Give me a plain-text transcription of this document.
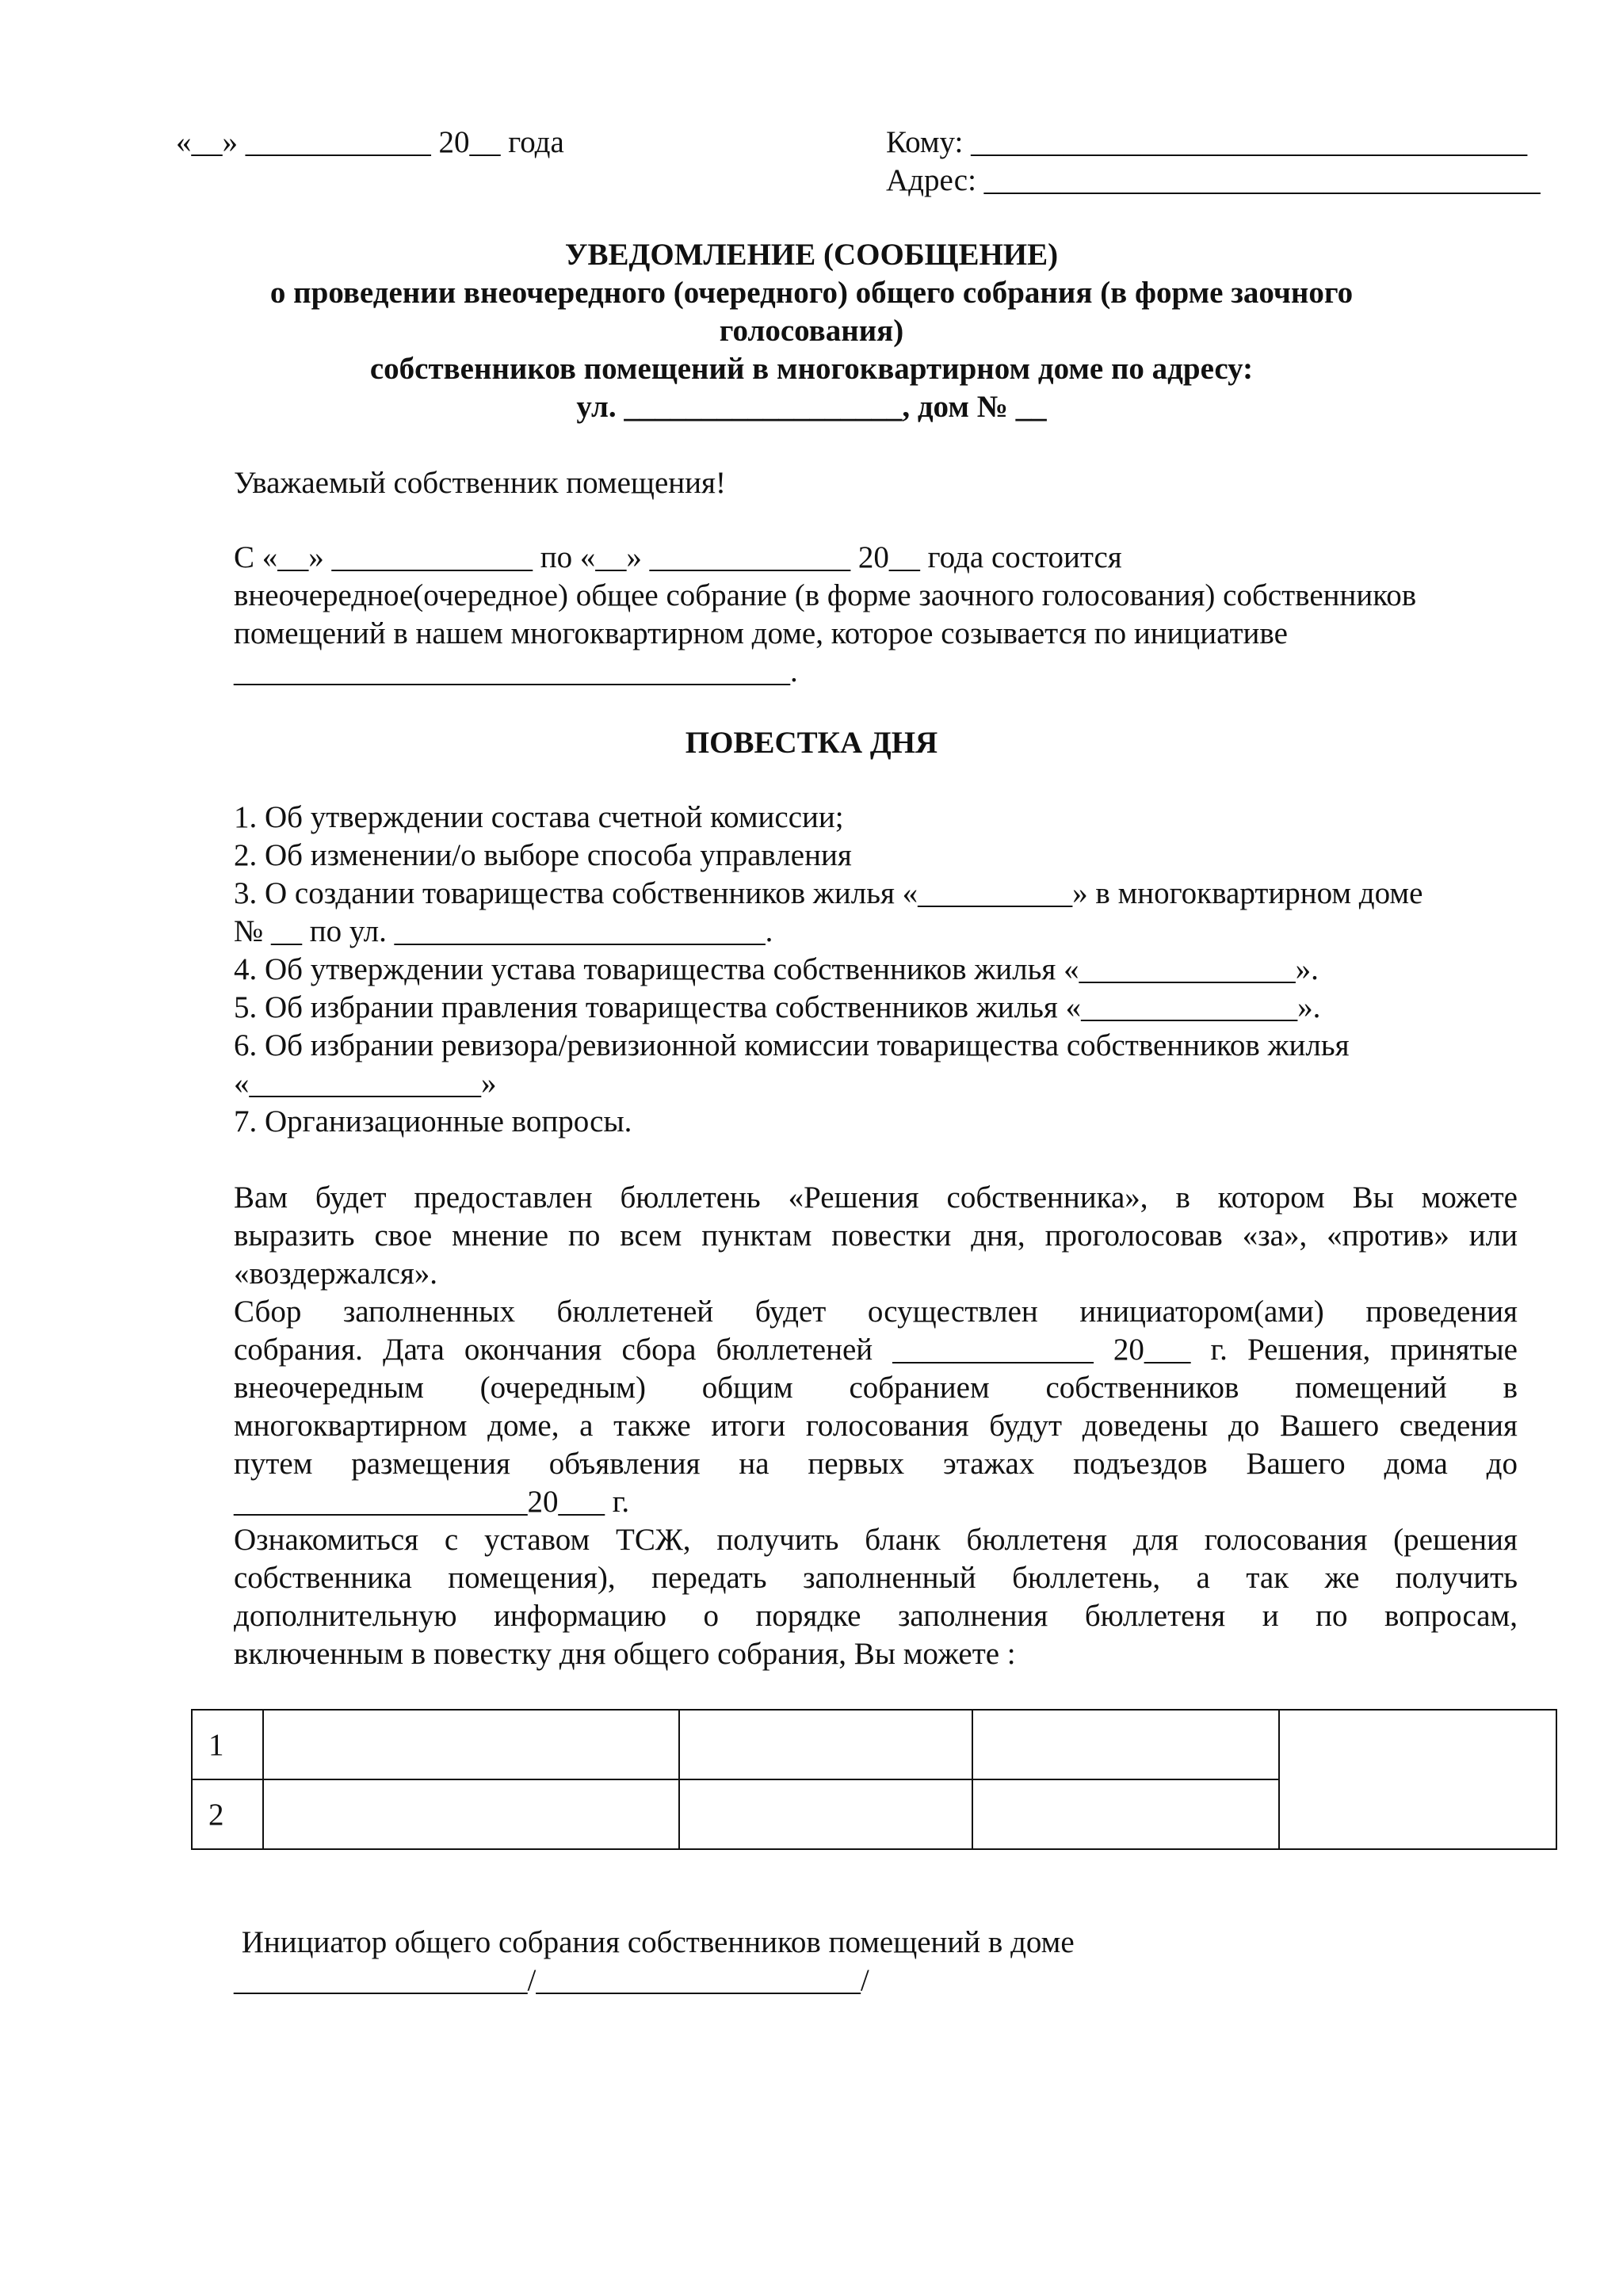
«__» ____________ 20__ года	Кому: ____________________________________
Адрес: ____________________________________
УВЕДОМЛЕНИЕ (СООБЩЕНИЕ)
о проведении внеочередного (очередного) общего собрания (в форме заочного
голосования)
собственников помещений в многоквартирном доме по адресу:
ул. __________________, дом № __
Уважаемый собственник помещения!
С «__» _____________ по «__» _____________ 20__ года состоится
внеочередное(очередное) общее собрание (в форме заочного голосования) собственников
помещений в нашем многоквартирном доме, которое созывается по инициативе
____________________________________.
ПОВЕСТКА ДНЯ
1. Об утверждении состава счетной комиссии;
2. Об изменении/о выборе способа управления
3. О создании товарищества собственников жилья «__________» в многоквартирном доме
№ __ по ул. ________________________.
4. Об утверждении устава товарищества собственников жилья «______________».
5. Об избрании правления товарищества собственников жилья «______________».
6. Об избрании ревизора/ревизионной комиссии товарищества собственников жилья
«_______________»
7. Организационные вопросы.
Вам будет предоставлен бюллетень «Решения собственника», в котором Вы можете
выразить свое мнение по всем пунктам повестки дня, проголосовав «за», «против» или
«воздержался».
Сбор заполненных бюллетеней будет осуществлен инициатором(ами) проведения
собрания. Дата окончания сбора бюллетеней _____________ 20___ г. Решения, принятые
внеочередным (очередным) общим собранием собственников помещений в
многоквартирном доме, а также итоги голосования будут доведены до Вашего сведения
путем размещения объявления на первых этажах подъездов Вашего дома до
___________________20___ г.
Ознакомиться с уставом ТСЖ, получить бланк бюллетеня для голосования (решения
собственника помещения), передать заполненный бюллетень, а так же получить
дополнительную информацию о порядке заполнения бюллетеня и по вопросам,
включенным в повестку дня общего собрания, Вы можете :
1				
2				
Инициатор общего собрания собственников помещений в доме
___________________/_____________________/
